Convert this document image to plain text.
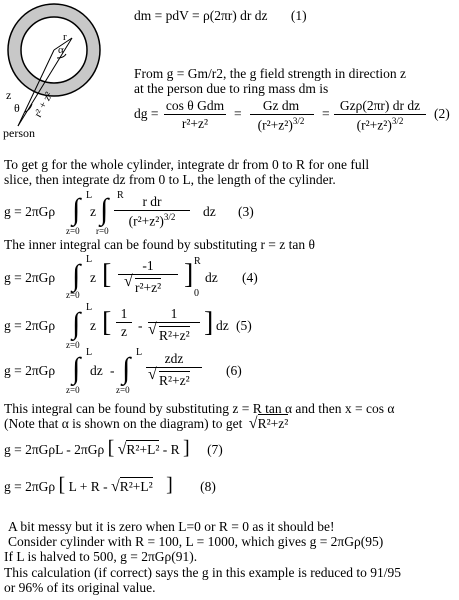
r
α
z
θ r² + z²
person
dm = pdV = ρ(2πr) dr dz (1)
From g = Gm/r2, the g field strength in direction z
at the person due to ring mass dm is
dg =
cos θ Gdm
r²+z²
=
Gz dm
$(r^2+z^2)^{3/2}$	=
Gzρ(2πr) dr dz
$(r^2+z^2)^{3/2}$	(2)
To get g for the whole cylinder, integrate dr from 0 to R for one full
slice, then integrate dz from 0 to L, the length of the cylinder.
g = 2πGρ
L
∫
z=0
z
R
∫
r=0
r dr
$(r^2+z^2)^{3/2}$	dz (3)
The inner integral can be found by substituting r = z tan θ
g = 2πGρ
L
∫
z=0
z [	-1
√ r²+z² ] R
0
dz (4)
g = 2πGρ
L
∫
z=0
z [ 1
z -
1
√ R²+z² ] dz (5)
g = 2πGρ
L
∫
z=0
dz -
L
∫
z=0
zdz
√ R²+z²
(6)
This integral can be found by substituting z = R tan α and then x = cos α
(Note that α is shown on the diagram) to get √R²+z²
g = 2πGρL - 2πGρ [ √R²+L² - R ] (7)
g = 2πGρ [ L + R - √R²+L² ] (8)
A bit messy but it is zero when L=0 or R = 0 as it should be!
Consider cylinder with R = 100, L = 1000, which gives g = 2πGρ(95)
If L is halved to 500, g = 2πGρ(91).
This calculation (if correct) says the g in this example is reduced to 91/95
or 96% of its original value.
